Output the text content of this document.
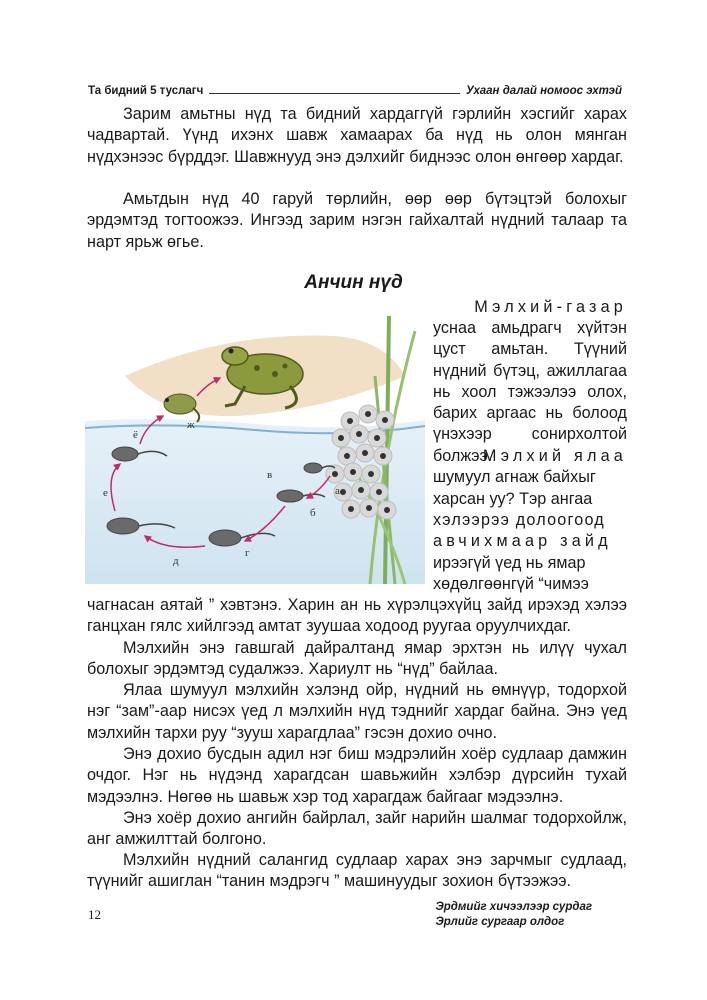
Та бидний 5 туслагч	Ухаан далай номоос эхтэй

Зарим амьтны нүд та бидний хардаггүй гэрлийн хэсгийг харах чадвартай. Үүнд ихэнх шавж хамаарах ба нүд нь олон мянган нүдхэнээс бүрддэг. Шавжнууд энэ дэлхийг биднээс олон өнгөөр хардаг.

Амьтдын нүд 40 гаруй төрлийн, өөр өөр бүтэцтэй болохыг эрдэмтэд тогтоожээ. Ингээд зарим нэгэн гайхалтай нүдний талаар та нарт ярьж өгье.

Анчин нүд
а
б
в
г
д
е
ё
ж
Мэлхий-газар

уснаа амьдрагч хүйтэн цуст амьтан. Түүний нүдний бүтэц, ажиллагаа нь хоол тэжээлээ олох, барих аргаас нь болоод үнэхээр сонирхолтой болжээ.

Мэлхий ялаа
шумуул агнаж байхыг
харсан уу? Тэр ангаа
хэлээрээ долоогоод
авчихмаар зайд
ирээгүй үед нь ямар
хөдөлгөөнгүй “чимээ

чагнасан аятай ” хэвтэнэ. Харин ан нь хүрэлцэхүйц зайд ирэхэд хэлээ ганцхан гялс хийлгээд амтат зуушаа ходоод руугаа оруулчихдаг.

Мэлхийн энэ гавшгай дайралтанд ямар эрхтэн нь илүү чухал болохыг эрдэмтэд судалжээ. Хариулт нь “нүд” байлаа.

Ялаа шумуул мэлхийн хэлэнд ойр, нүдний нь өмнүүр, тодорхой нэг “зам”-аар нисэх үед л мэлхийн нүд тэднийг хардаг байна. Энэ үед мэлхийн тархи руу “зууш харагдлаа” гэсэн дохио очно.

Энэ дохио бусдын адил нэг биш мэдрэлийн хоёр судлаар дамжин очдог. Нэг нь нүдэнд харагдсан шавьжийн хэлбэр дүрсийн тухай мэдээлнэ. Нөгөө нь шавьж хэр тод харагдаж байгааг мэдээлнэ.

Энэ хоёр дохио ангийн байрлал, зайг нарийн шалмаг тодорхойлж, анг амжилттай болгоно.

Мэлхийн нүдний салангид судлаар харах энэ зарчмыг судлаад, түүнийг ашиглан “танин мэдрэгч ” машинуудыг зохион бүтээжээ.

12	Эрдмийг хичээлээр сурдаг
Эрлийг сургаар олдог
